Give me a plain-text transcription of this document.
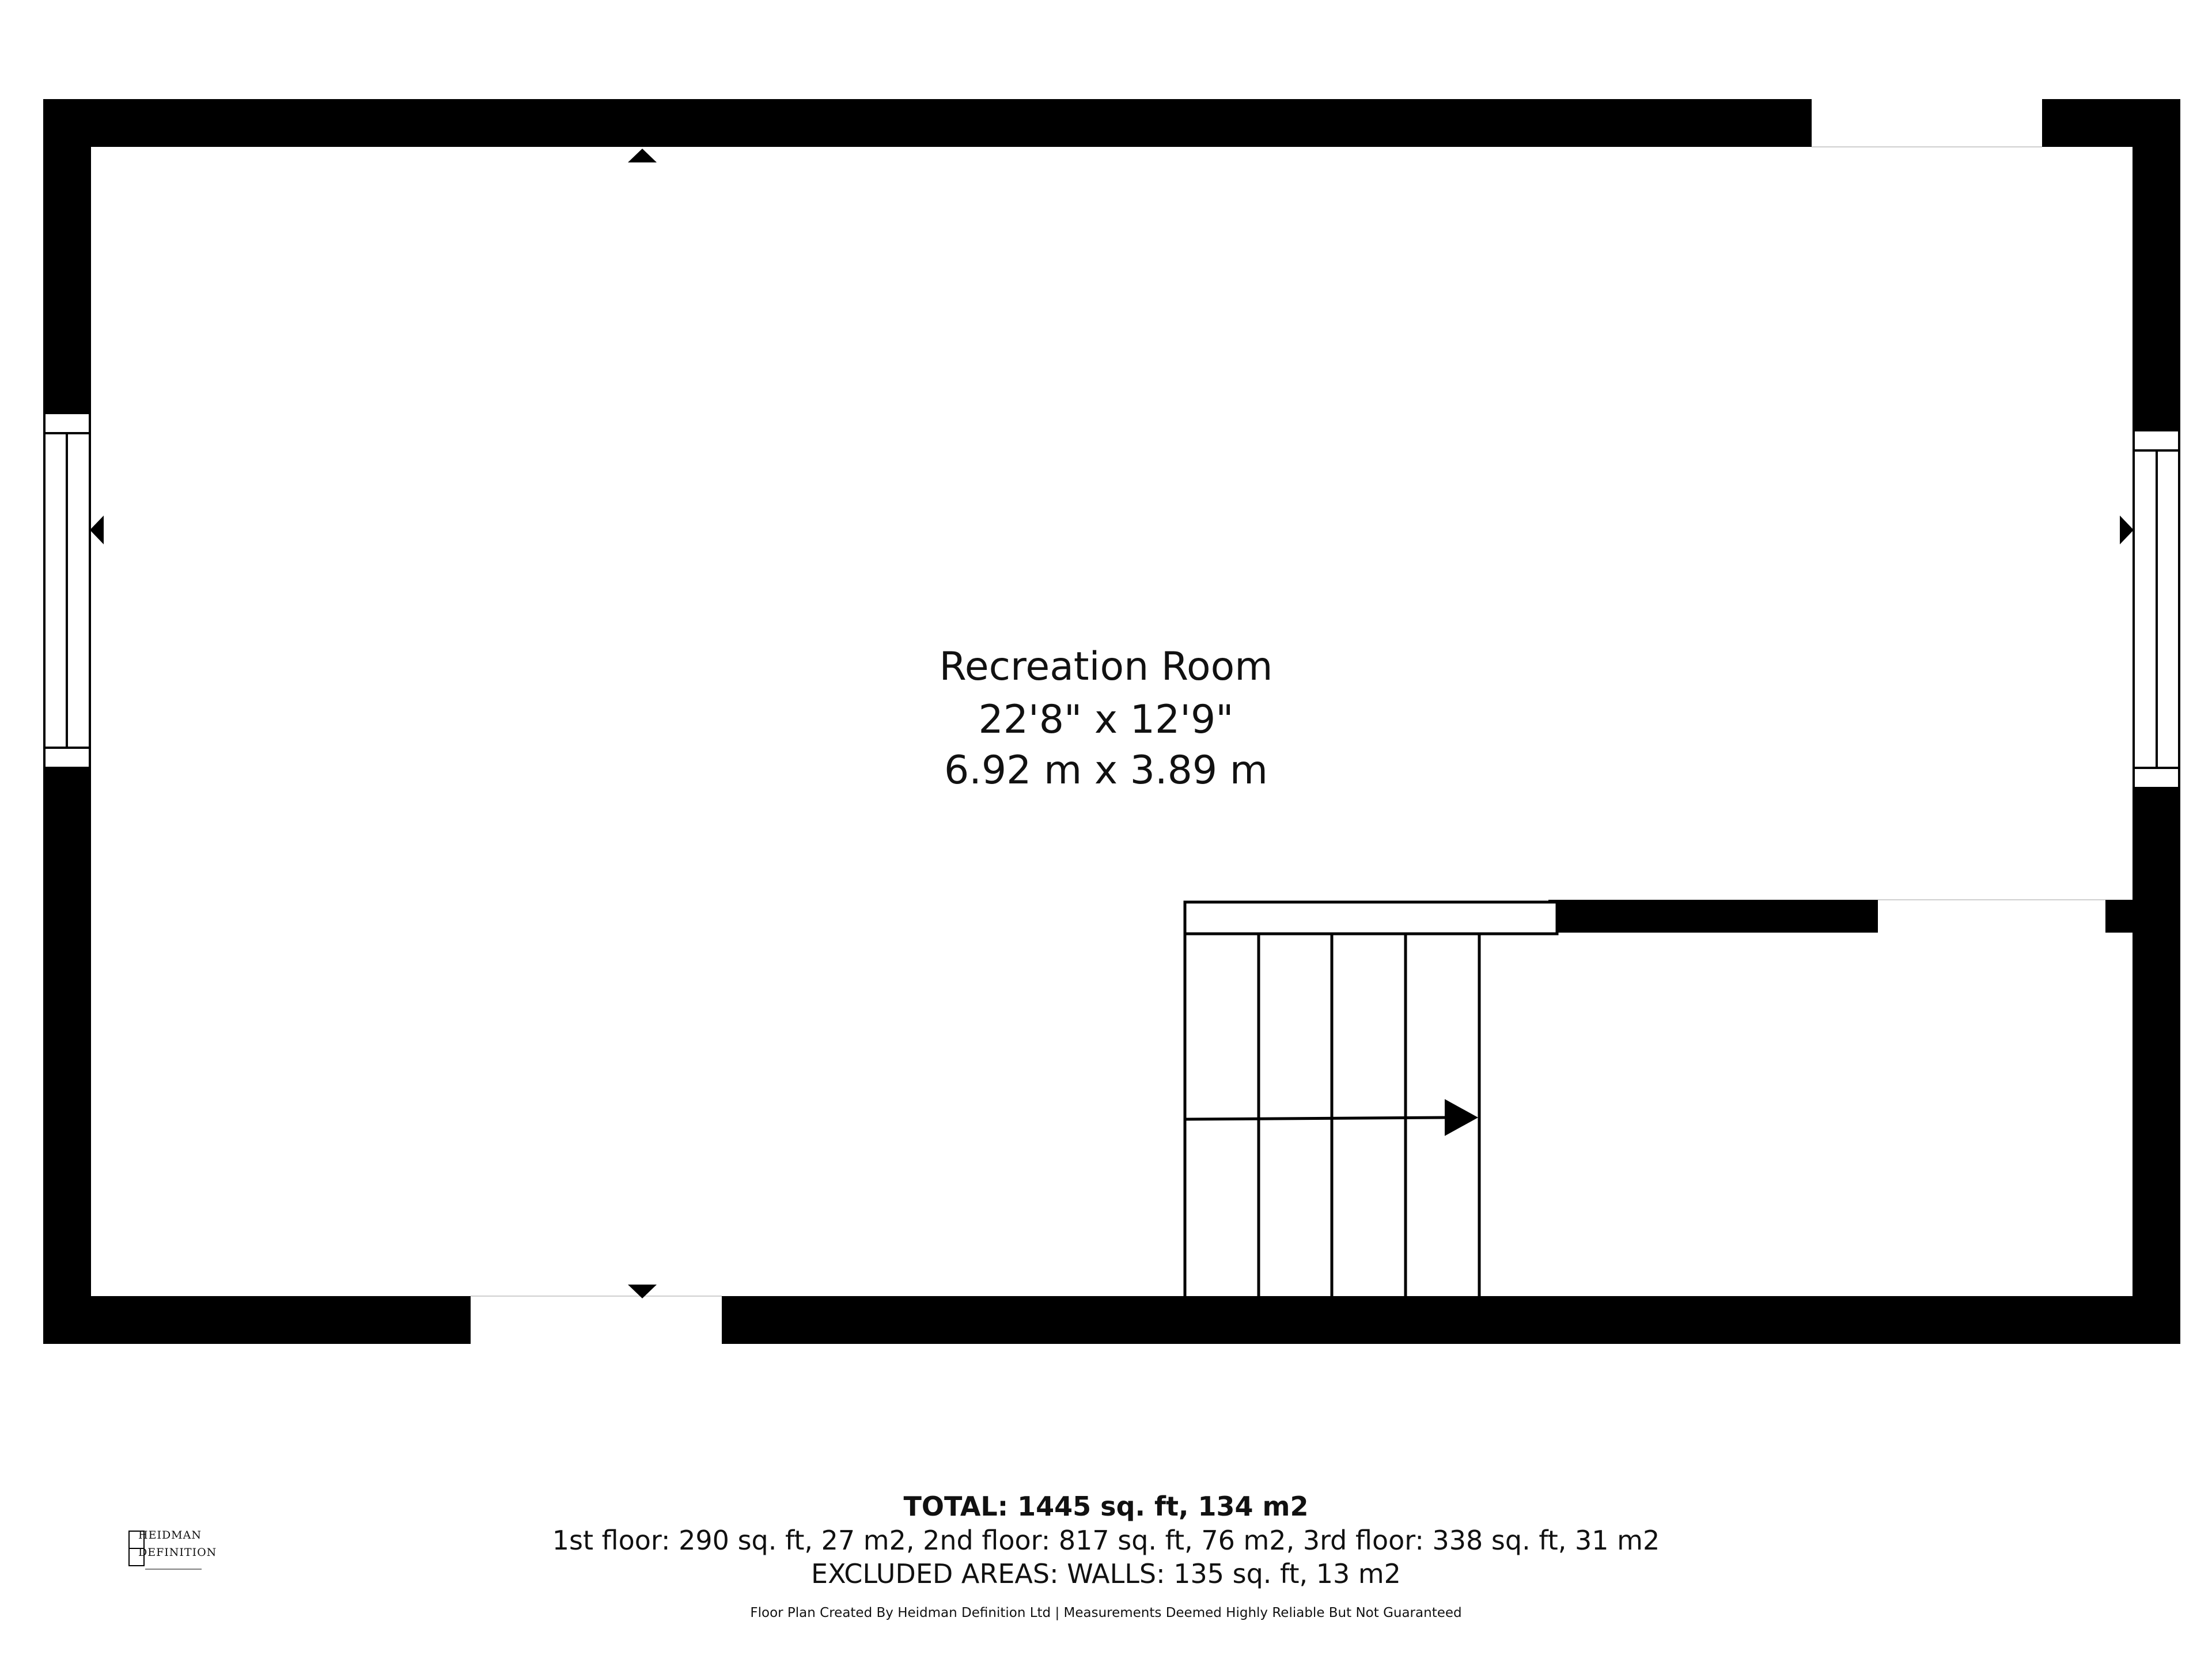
Recreation Room
22'8" x 12'9"
6.92 m x 3.89 m
HEIDMAN
DEFINITION
TOTAL: 1445 sq. ft, 134 m2
1st floor: 290 sq. ft, 27 m2, 2nd floor: 817 sq. ft, 76 m2, 3rd floor: 338 sq. ft, 31 m2
EXCLUDED AREAS: WALLS: 135 sq. ft, 13 m2
Floor Plan Created By Heidman Definition Ltd | Measurements Deemed Highly Reliable But Not Guaranteed
